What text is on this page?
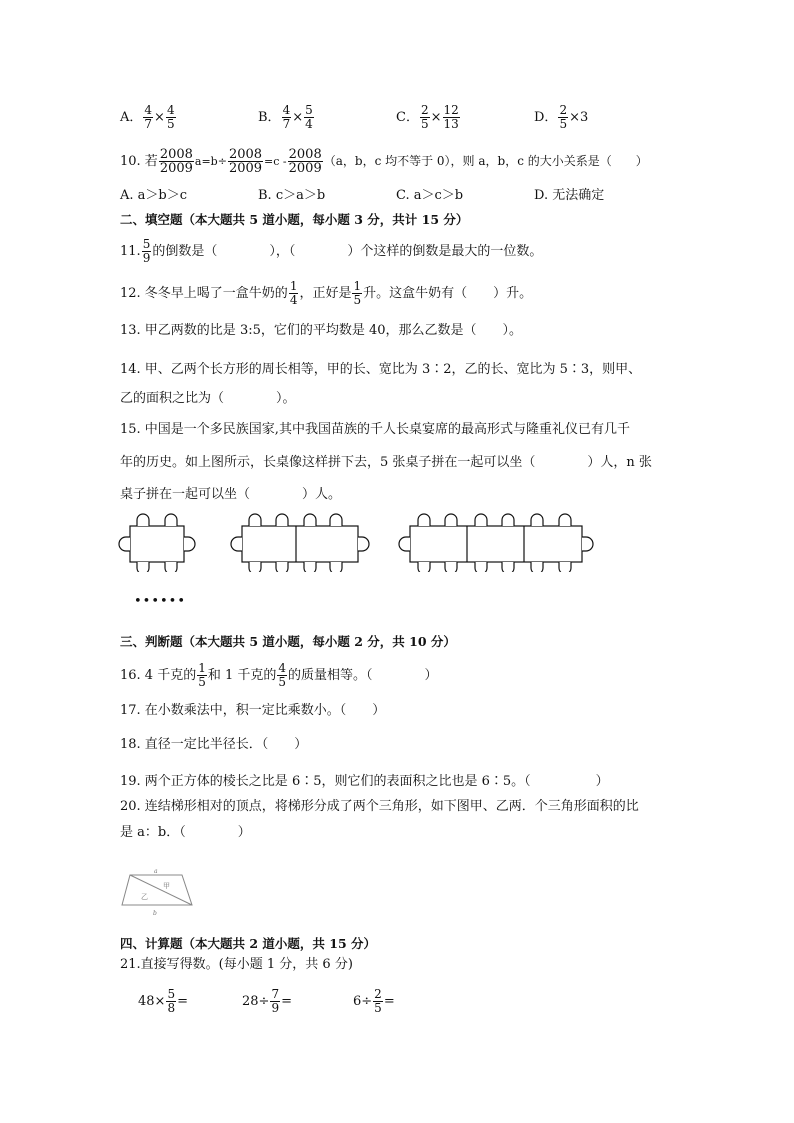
A． $\frac{4}{7} \times \frac{4}{5}$	B． $\frac{4}{7} \times \frac{5}{4}$	C． $\frac{2}{5} \times \frac{12}{13}$	D． $\frac{2}{5} \times 3$
10. 若 $\frac{2008}{2009} a=b\div \frac{2008}{2009} =c - \frac{2008}{2009} (a$，b，c 均不等于 0），则 a，b，c 的大小关系是（　　）
A. a＞b＞c	B. c＞a＞b	C. a＞c＞b	D. 无法确定
二、填空题（本大题共 5 道小题，每小题 3 分，共计 15 分）
11. $\frac{5}{9}$ 的倒数是（　　　　），（　　　　）个这样的倒数是最大的一位数。
12. 冬冬早上喝了一盒牛奶的 $\frac{1}{4}$ ，正好是 $\frac{1}{5}$ 升。这盒牛奶有（　　）升。
13. 甲乙两数的比是 3:5，它们的平均数是 40，那么乙数是（　　）。
14. 甲、乙两个长方形的周长相等，甲的长、宽比为 3∶2，乙的长、宽比为 5∶3，则甲、
乙的面积之比为（　　　　）。
15. 中国是一个多民族国家,其中我国苗族的千人长桌宴席的最高形式与隆重礼仪已有几千
年的历史。如上图所示，长桌像这样拼下去，5 张桌子拼在一起可以坐（　　　　）人，n 张
桌子拼在一起可以坐（　　　　）人。
••••••
三、判断题（本大题共 5 道小题，每小题 2 分，共 10 分）
16. 4 千克的 $\frac{1}{5}$ 和 1 千克的 $\frac{4}{5}$ 的质量相等。（　　　　）
17. 在小数乘法中，积一定比乘数小。（　　）
18. 直径一定比半径长．（　　）
19. 两个正方体的棱长之比是 6∶5，则它们的表面积之比也是 6∶5。（　　　　　）
20. 连结梯形相对的顶点，将梯形分成了两个三角形，如下图甲、乙两．个三角形面积的比
是 a：b．（　　　　）
a
b
甲
乙
四、计算题（本大题共 2 道小题，共 15 分）
21.直接写得数。(每小题 1 分，共 6 分)
$48\times \frac{5}{8}$ =	$28\div \frac{7}{9}$ =	$6\div \frac{2}{5}$ =
